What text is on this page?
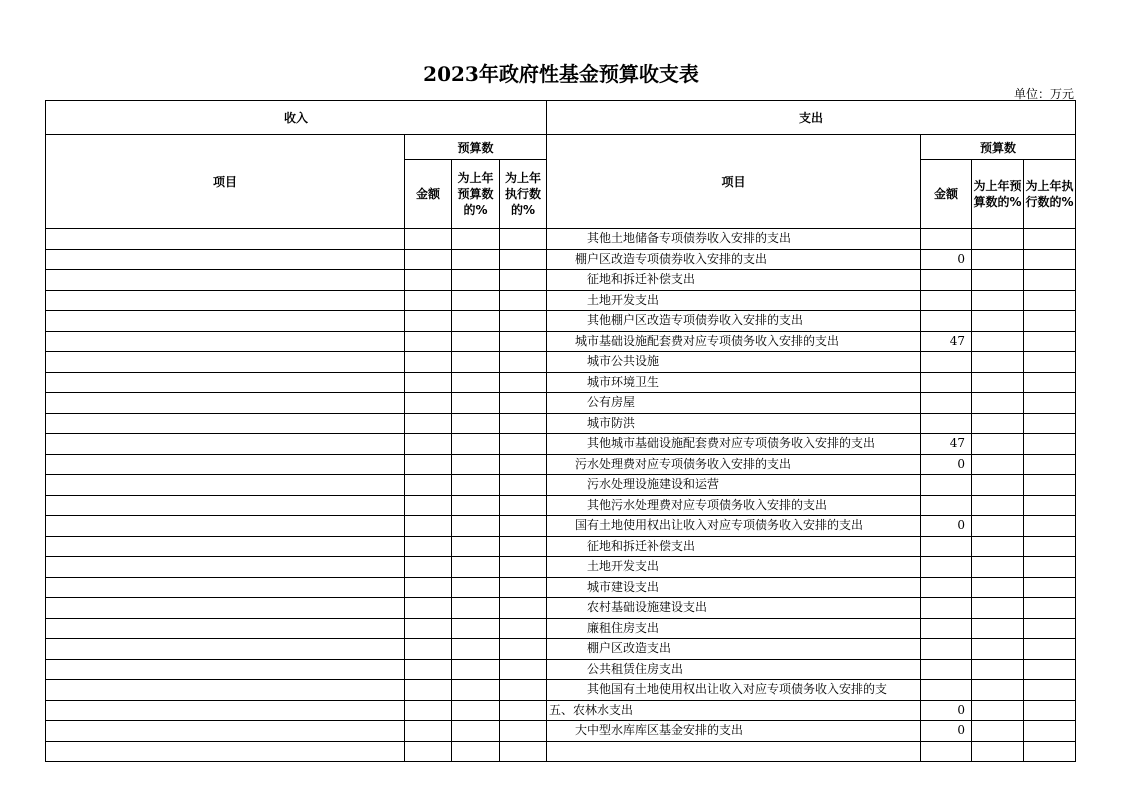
2023年政府性基金预算收支表
单位：万元
收入				支出			
项目	预算数			项目	预算数		
	金额	为上年预算数的%	为上年执行数的%		金额	为上年预算数的%	为上年执行数的%
				其他土地储备专项债券收入安排的支出			
				棚户区改造专项债券收入安排的支出	0		
				征地和拆迁补偿支出			
				土地开发支出			
				其他棚户区改造专项债券收入安排的支出			
				城市基础设施配套费对应专项债务收入安排的支出	47		
				城市公共设施			
				城市环境卫生			
				公有房屋			
				城市防洪			
				其他城市基础设施配套费对应专项债务收入安排的支出	47		
				污水处理费对应专项债务收入安排的支出	0		
				污水处理设施建设和运营			
				其他污水处理费对应专项债务收入安排的支出			
				国有土地使用权出让收入对应专项债务收入安排的支出	0		
				征地和拆迁补偿支出			
				土地开发支出			
				城市建设支出			
				农村基础设施建设支出			
				廉租住房支出			
				棚户区改造支出			
				公共租赁住房支出			
				其他国有土地使用权出让收入对应专项债务收入安排的支			
				五、农林水支出	0		
				大中型水库库区基金安排的支出	0		
